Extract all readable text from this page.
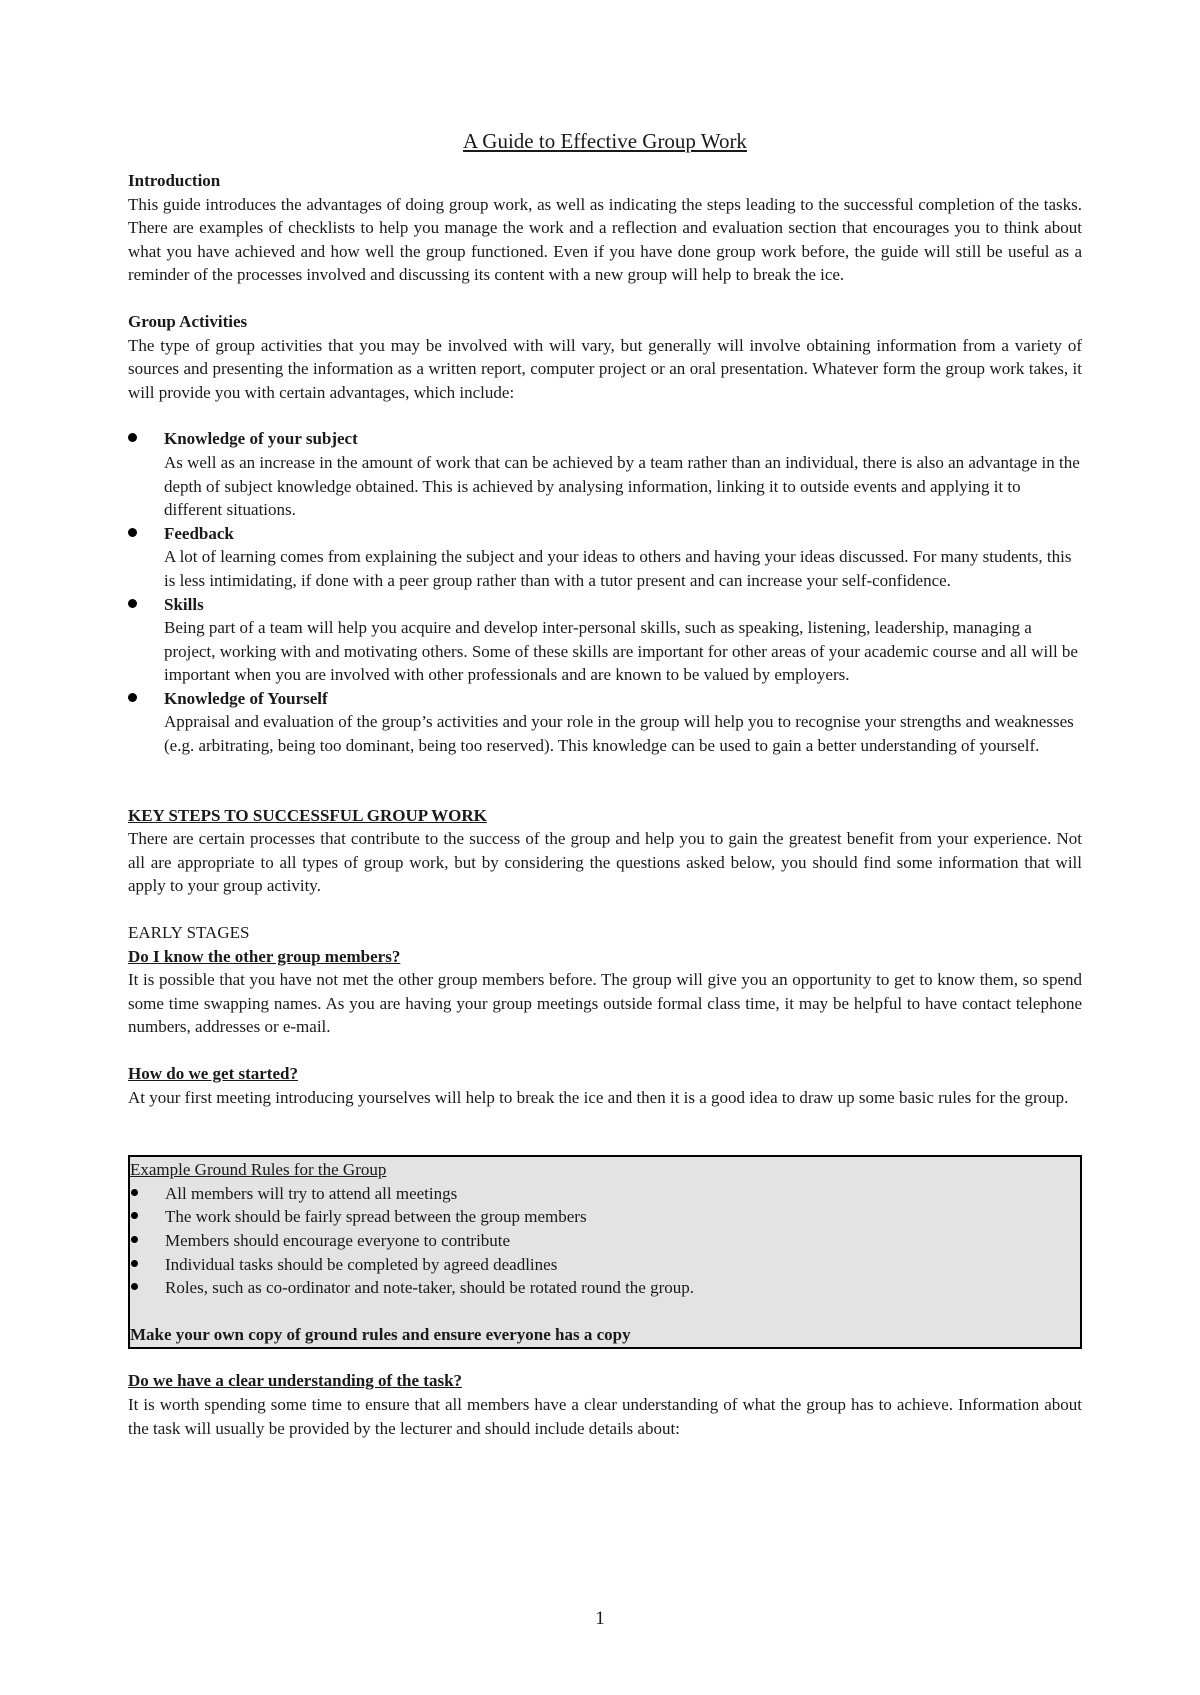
A Guide to Effective Group Work

Introduction

This guide introduces the advantages of doing group work, as well as indicating the steps leading to the successful completion of the tasks. There are examples of checklists to help you manage the work and a reflection and evaluation section that encourages you to think about what you have achieved and how well the group functioned. Even if you have done group work before, the guide will still be useful as a reminder of the processes involved and discussing its content with a new group will help to break the ice.

Group Activities

The type of group activities that you may be involved with will vary, but generally will involve obtaining information from a variety of sources and presenting the information as a written report, computer project or an oral presentation. Whatever form the group work takes, it will provide you with certain advantages, which include:

Knowledge of your subject
As well as an increase in the amount of work that can be achieved by a team rather than an individual, there is also an advantage in the depth of subject knowledge obtained. This is achieved by analysing information, linking it to outside events and applying it to different situations.
Feedback
A lot of learning comes from explaining the subject and your ideas to others and having your ideas discussed. For many students, this is less intimidating, if done with a peer group rather than with a tutor present and can increase your self-confidence.
Skills
Being part of a team will help you acquire and develop inter-personal skills, such as speaking, listening, leadership, managing a project, working with and motivating others. Some of these skills are important for other areas of your academic course and all will be important when you are involved with other professionals and are known to be valued by employers.
Knowledge of Yourself
Appraisal and evaluation of the group’s activities and your role in the group will help you to recognise your strengths and weaknesses (e.g. arbitrating, being too dominant, being too reserved). This knowledge can be used to gain a better understanding of yourself.

KEY STEPS TO SUCCESSFUL GROUP WORK

There are certain processes that contribute to the success of the group and help you to gain the greatest benefit from your experience. Not all are appropriate to all types of group work, but by considering the questions asked below, you should find some information that will apply to your group activity.

EARLY STAGES

Do I know the other group members?

It is possible that you have not met the other group members before. The group will give you an opportunity to get to know them, so spend some time swapping names. As you are having your group meetings outside formal class time, it may be helpful to have contact telephone numbers, addresses or e-mail.

How do we get started?

At your first meeting introducing yourselves will help to break the ice and then it is a good idea to draw up some basic rules for the group.

Example Ground Rules for the Group
All members will try to attend all meetings
The work should be fairly spread between the group members
Members should encourage everyone to contribute
Individual tasks should be completed by agreed deadlines
Roles, such as co-ordinator and note-taker, should be rotated round the group.
Make your own copy of ground rules and ensure everyone has a copy

Do we have a clear understanding of the task?

It is worth spending some time to ensure that all members have a clear understanding of what the group has to achieve. Information about the task will usually be provided by the lecturer and should include details about:

1
